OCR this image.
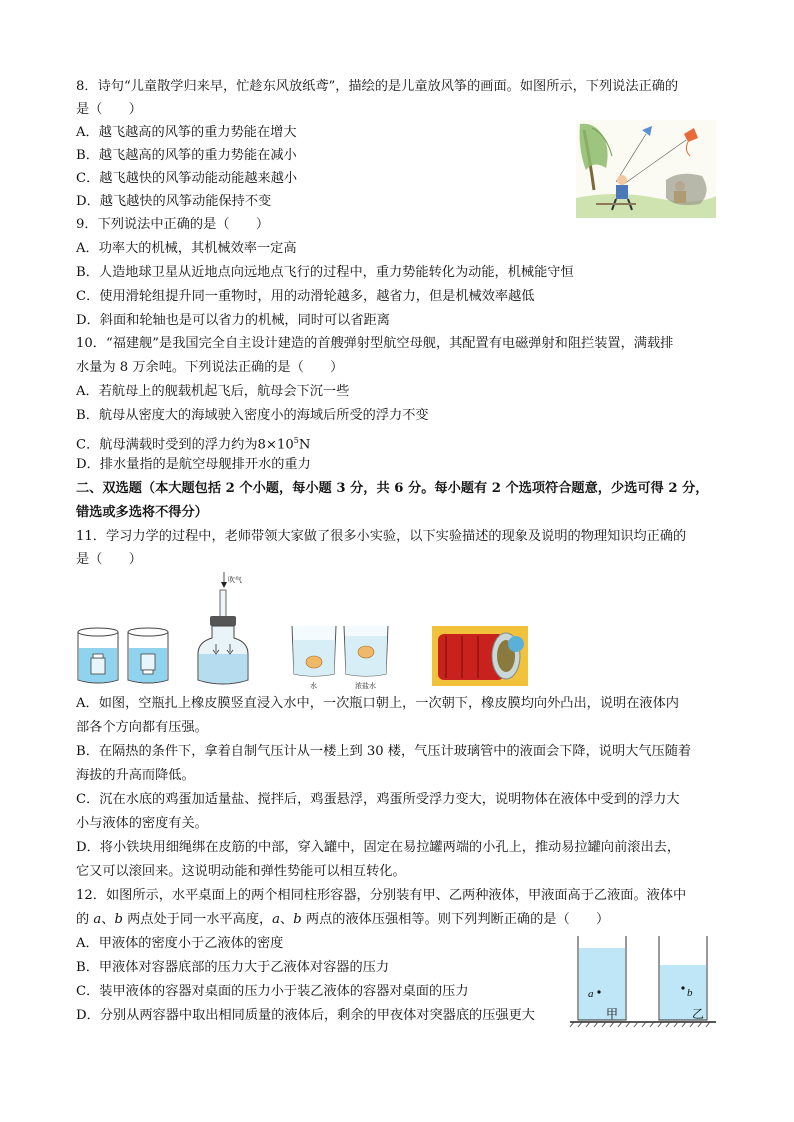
8．诗句“儿童散学归来早，忙趁东风放纸鸢”，描绘的是儿童放风筝的画面。如图所示，下列说法正确的
是（　　）
A．越飞越高的风筝的重力势能在增大
B．越飞越高的风筝的重力势能在减小
C．越飞越快的风筝动能动能越来越小
D．越飞越快的风筝动能保持不变
9．下列说法中正确的是（　　）
A．功率大的机械，其机械效率一定高
B．人造地球卫星从近地点向远地点飞行的过程中，重力势能转化为动能，机械能守恒
C．使用滑轮组提升同一重物时，用的动滑轮越多，越省力，但是机械效率越低
D．斜面和轮轴也是可以省力的机械，同时可以省距离
10．“福建舰”是我国完全自主设计建造的首艘弹射型航空母舰，其配置有电磁弹射和阻拦装置，满载排
水量为 8 万余吨。下列说法正确的是（　　）
A．若航母上的舰载机起飞后，航母会下沉一些
B．航母从密度大的海域驶入密度小的海域后所受的浮力不变
C．航母满载时受到的浮力约为$8\times 10^5N$
D．排水量指的是航空母舰排开水的重力
二、双选题（本大题包括 2 个小题，每小题 3 分，共 6 分。每小题有 2 个选项符合题意，少选可得 2 分，
错选或多选将不得分）
11．学习力学的过程中，老师带领大家做了很多小实验，以下实验描述的现象及说明的物理知识均正确的
是（　　）
吹气
水	浓盐水
A．如图，空瓶扎上橡皮膜竖直浸入水中，一次瓶口朝上，一次朝下，橡皮膜均向外凸出，说明在液体内
部各个方向都有压强。
B．在隔热的条件下，拿着自制气压计从一楼上到 30 楼，气压计玻璃管中的液面会下降，说明大气压随着
海拔的升高而降低。
C．沉在水底的鸡蛋加适量盐、搅拌后，鸡蛋悬浮，鸡蛋所受浮力变大，说明物体在液体中受到的浮力大
小与液体的密度有关。
D．将小铁块用细绳绑在皮筋的中部，穿入罐中，固定在易拉罐两端的小孔上，推动易拉罐向前滚出去，
它又可以滚回来。这说明动能和弹性势能可以相互转化。
12．如图所示，水平桌面上的两个相同柱形容器，分别装有甲、乙两种液体，甲液面高于乙液面。液体中
的 a、b 两点处于同一水平高度，a、b 两点的液体压强相等。则下列判断正确的是（　　）
A．甲液体的密度小于乙液体的密度
B．甲液体对容器底部的压力大于乙液体对容器的压力
C．装甲液体的容器对桌面的压力小于装乙液体的容器对桌面的压力
D．分别从两容器中取出相同质量的液体后，剩余的甲夜体对突器底的压强更大
a
甲
b
乙
